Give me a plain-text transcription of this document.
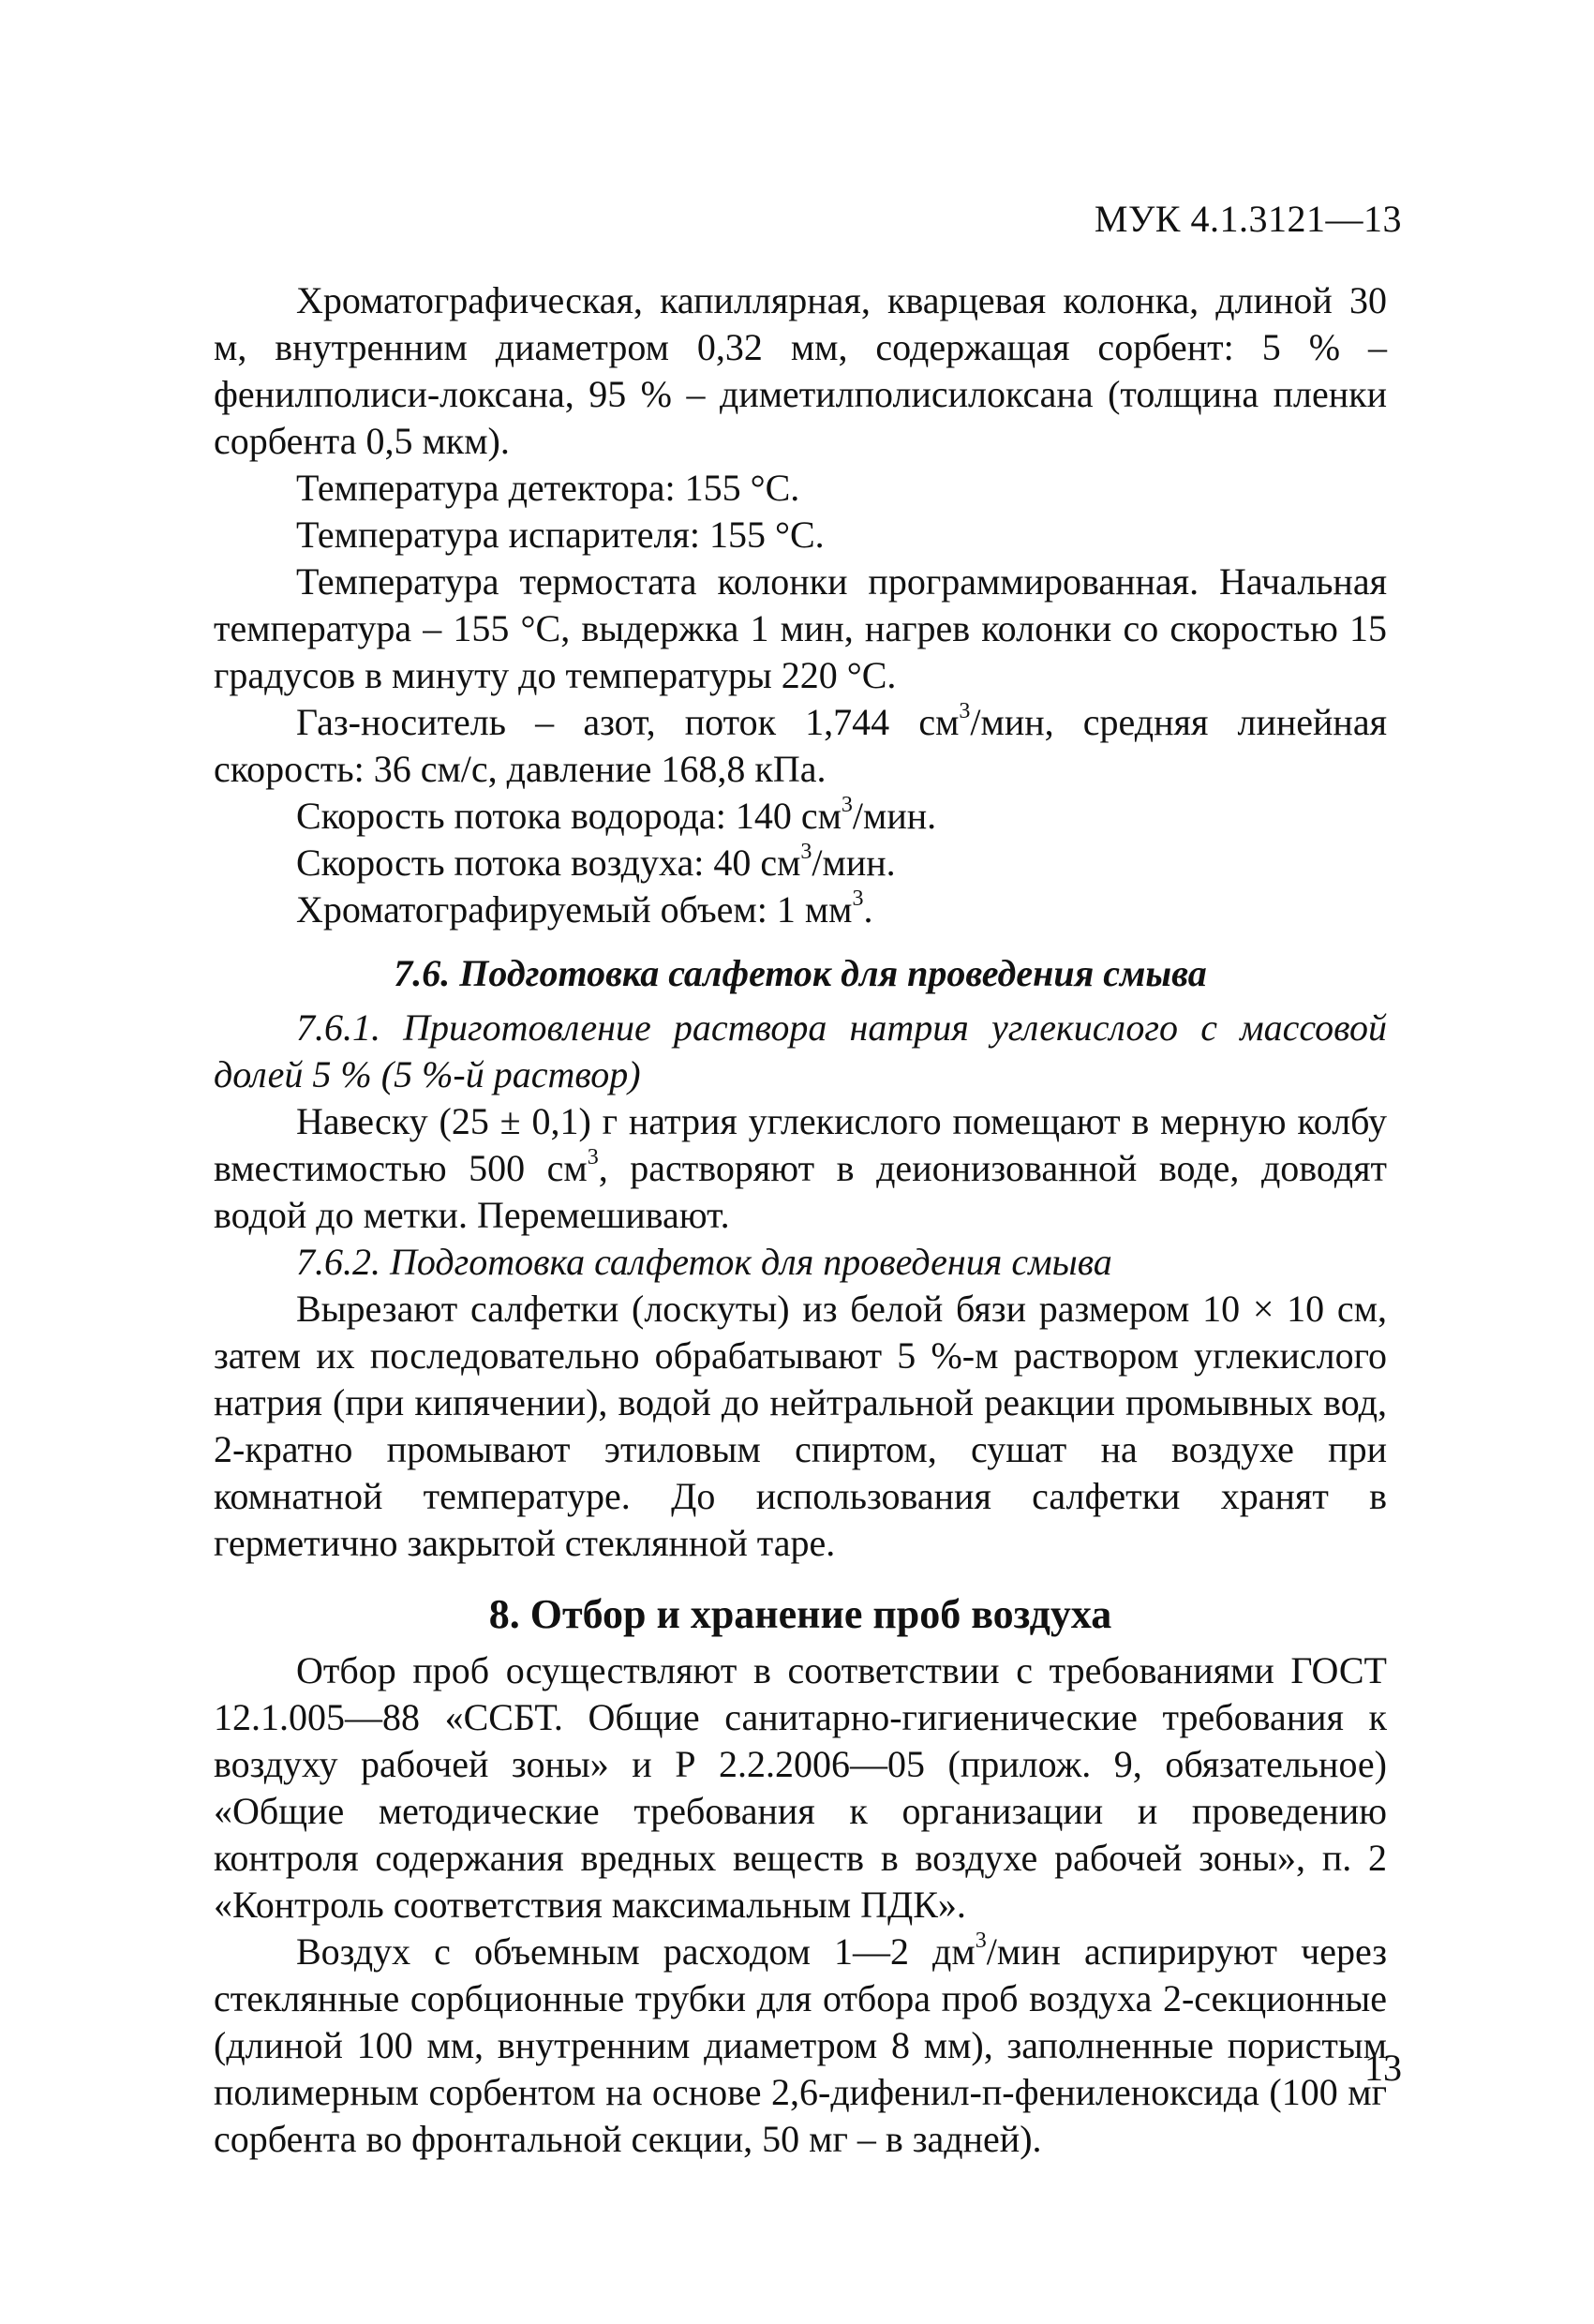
МУК 4.1.3121—13

Хроматографическая, капиллярная, кварцевая колонка, длиной 30 м, внутренним диаметром 0,32 мм, содержащая сорбент: 5 % – фенилполиси-локсана, 95 % – диметилполисилоксана (толщина пленки сорбента 0,5 мкм).

Температура детектора: 155 °С.

Температура испарителя: 155 °С.

Температура термостата колонки программированная. Начальная температура – 155 °С, выдержка 1 мин, нагрев колонки со скоростью 15 градусов в минуту до температуры 220 °С.

Газ-носитель – азот, поток 1,744 $см^3$/мин, средняя линейная скорость: 36 см/с, давление 168,8 кПа.

Скорость потока водорода: 140 $см^3$/мин.

Скорость потока воздуха: 40 $см^3$/мин.

Хроматографируемый объем: 1 $мм^3$.

7.6. Подготовка салфеток для проведения смыва

7.6.1. Приготовление раствора натрия углекислого с массовой долей 5 % (5 %-й раствор)

Навеску (25 ± 0,1) г натрия углекислого помещают в мерную колбу вместимостью 500 $см^3$, растворяют в деионизованной воде, доводят водой до метки. Перемешивают.

7.6.2. Подготовка салфеток для проведения смыва

Вырезают салфетки (лоскуты) из белой бязи размером 10 × 10 см, затем их последовательно обрабатывают 5 %-м раствором углекислого натрия (при кипячении), водой до нейтральной реакции промывных вод, 2-кратно промывают этиловым спиртом, сушат на воздухе при комнатной температуре. До использования салфетки хранят в герметично закрытой стеклянной таре.

8. Отбор и хранение проб воздуха

Отбор проб осуществляют в соответствии с требованиями ГОСТ 12.1.005—88 «ССБТ. Общие санитарно-гигиенические требования к воздуху рабочей зоны» и Р 2.2.2006—05 (прилож. 9, обязательное) «Общие методические требования к организации и проведению контроля содержания вредных веществ в воздухе рабочей зоны», п. 2 «Контроль соответствия максимальным ПДК».

Воздух с объемным расходом 1—2 $дм^3$/мин аспирируют через стеклянные сорбционные трубки для отбора проб воздуха 2-секционные (длиной 100 мм, внутренним диаметром 8 мм), заполненные пористым полимерным сорбентом на основе 2,6-дифенил-п-фениленоксида (100 мг сорбента во фронтальной секции, 50 мг – в задней).

13
